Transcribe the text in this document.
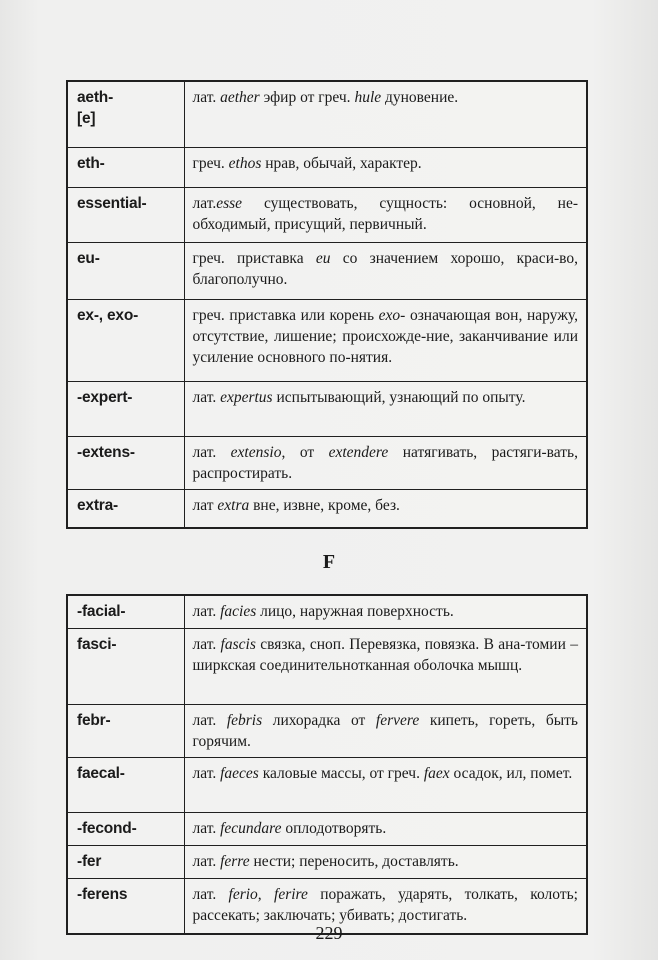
aeth-
[e]	лат. aether эфир от греч. hule дуновение.
eth-	греч. ethos нрав, обычай, характер.
essential-	лат.esse существовать, сущность: основной, не-обходимый, присущий, первичный.
eu-	греч. приставка eu со значением хорошо, краси-во, благополучно.
ex-, exo-	греч. приставка или корень exo- означающая вон, наружу, отсутствие, лишение; происхожде-ние, заканчивание или усиление основного по-нятия.
-expert-	лат. expertus испытывающий, узнающий по опыту.
-extens-	лат. extensio, от extendere натягивать, растяги-вать, распростирать.
extra-	лат extra вне, извне, кроме, без.
F
-facial-	лат. facies лицо, наружная поверхность.
fasci-	лат. fascis связка, сноп. Перевязка, повязка. В ана-томии – ширкская соединительнотканная оболочка мышц.
febr-	лат. febris лихорадка от fervere кипеть, гореть, быть горячим.
faecal-	лат. faeces каловые массы, от греч. faex осадок, ил, помет.
-fecond-	лат. fecundare оплодотворять.
-fer	лат. ferre нести; переносить, доставлять.
-ferens	лат. ferio, ferire поражать, ударять, толкать, колоть; рассекать; заключать; убивать; достигать.
229
